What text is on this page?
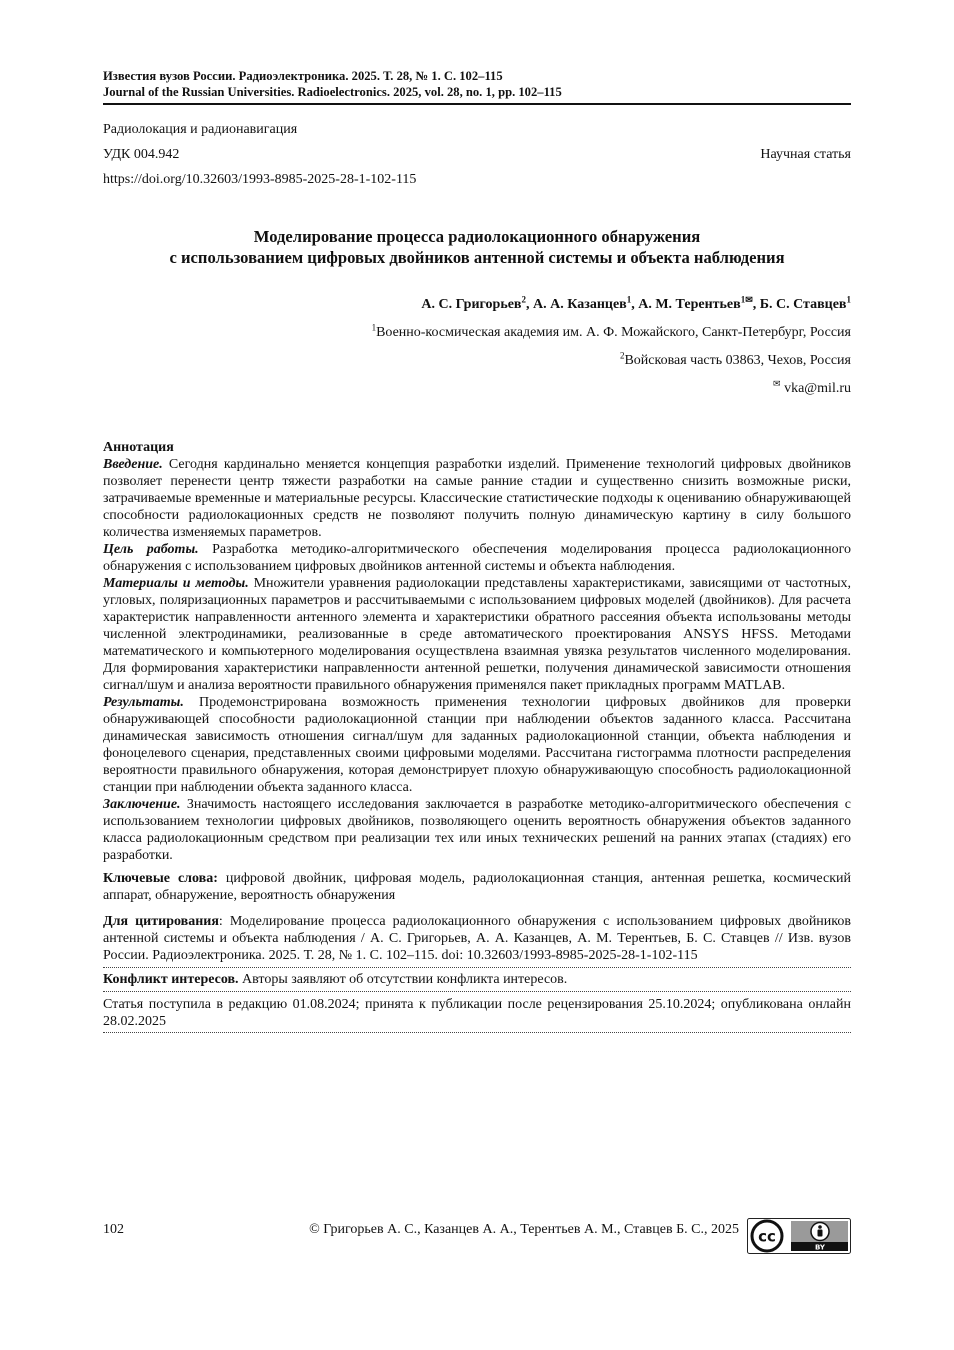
Известия вузов России. Радиоэлектроника. 2025. Т. 28, № 1. С. 102–115
Journal of the Russian Universities. Radioelectronics. 2025, vol. 28, no. 1, pp. 102–115
Радиолокация и радионавигация
УДК 004.942	Научная статья
https://doi.org/10.32603/1993-8985-2025-28-1-102-115
Моделирование процесса радиолокационного обнаружения
с использованием цифровых двойников антенной системы и объекта наблюдения
А. С. Григорьев$^2$, А. А. Казанцев$^1$, А. М. Терентьев$^{1✉}$, Б. С. Ставцев$^1$
$^1$Военно-космическая академия им. А. Ф. Можайского, Санкт-Петербург, Россия
$^2$Войсковая часть 03863, Чехов, Россия
✉ vka@mil.ru
Аннотация

Введение. Сегодня кардинально меняется концепция разработки изделий. Применение технологий цифровых двойников позволяет перенести центр тяжести разработки на самые ранние стадии и существенно снизить возможные риски, затрачиваемые временные и материальные ресурсы. Классические статистические подходы к оцениванию обнаруживающей способности радиолокационных средств не позволяют получить полную динамическую картину в силу большого количества изменяемых параметров.

Цель работы. Разработка методико-алгоритмического обеспечения моделирования процесса радиолокационного обнаружения с использованием цифровых двойников антенной системы и объекта наблюдения.

Материалы и методы. Множители уравнения радиолокации представлены характеристиками, зависящими от частотных, угловых, поляризационных параметров и рассчитываемыми с использованием цифровых моделей (двойников). Для расчета характеристик направленности антенного элемента и характеристики обратного рассеяния объекта использованы методы численной электродинамики, реализованные в среде автоматического проектирования ANSYS HFSS. Методами математического и компьютерного моделирования осуществлена взаимная увязка результатов численного моделирования. Для формирования характеристики направленности антенной решетки, получения динамической зависимости отношения сигнал/шум и анализа вероятности правильного обнаружения применялся пакет прикладных программ MATLAB.

Результаты. Продемонстрирована возможность применения технологии цифровых двойников для проверки обнаруживающей способности радиолокационной станции при наблюдении объектов заданного класса. Рассчитана динамическая зависимость отношения сигнал/шум для заданных радиолокационной станции, объекта наблюдения и фоноцелевого сценария, представленных своими цифровыми моделями. Рассчитана гистограмма плотности распределения вероятности правильного обнаружения, которая демонстрирует плохую обнаруживающую способность радиолокационной станции при наблюдении объекта заданного класса.

Заключение. Значимость настоящего исследования заключается в разработке методико-алгоритмического обеспечения с использованием технологии цифровых двойников, позволяющего оценить вероятность обнаружения объектов заданного класса радиолокационным средством при реализации тех или иных технических решений на ранних этапах (стадиях) его разработки.

Ключевые слова: цифровой двойник, цифровая модель, радиолокационная станция, антенная решетка, космический аппарат, обнаружение, вероятность обнаружения

Для цитирования: Моделирование процесса радиолокационного обнаружения с использованием цифровых двойников антенной системы и объекта наблюдения / А. С. Григорьев, А. А. Казанцев, А. М. Терентьев, Б. С. Ставцев // Изв. вузов России. Радиоэлектроника. 2025. Т. 28, № 1. С. 102–115. doi: 10.32603/1993-8985-2025-28-1-102-115

Конфликт интересов. Авторы заявляют об отсутствии конфликта интересов.

Статья поступила в редакцию 01.08.2024; принята к публикации после рецензирования 25.10.2024; опубликована онлайн 28.02.2025

102	© Григорьев А. С., Казанцев А. А., Терентьев А. М., Ставцев Б. С., 2025 cc
BY
